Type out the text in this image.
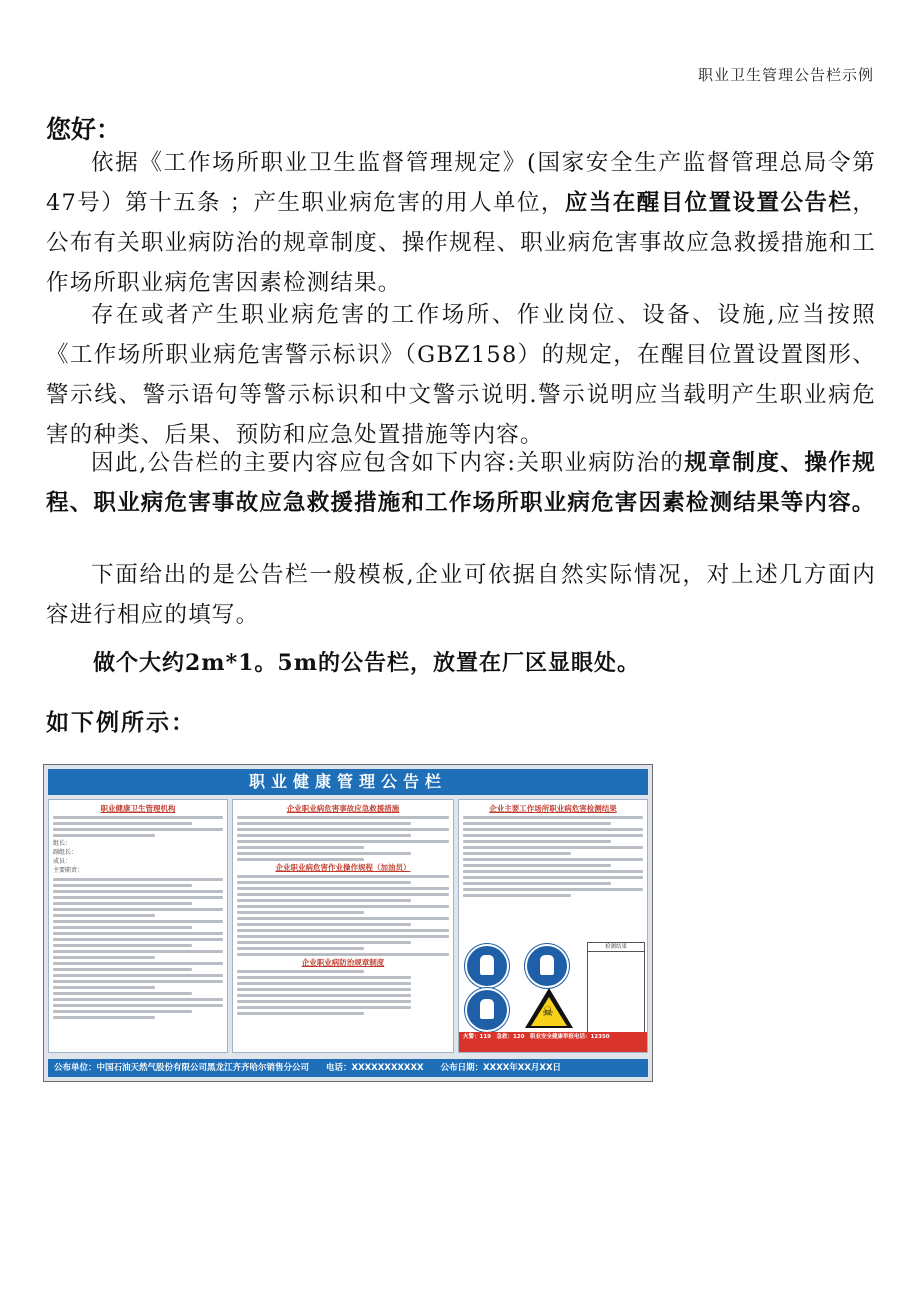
职业卫生管理公告栏示例
您好：

依据《工作场所职业卫生监督管理规定》(国家安全生产监督管理总局令第47号）第十五条 ；产生职业病危害的用人单位，应当在醒目位置设置公告栏，公布有关职业病防治的规章制度、操作规程、职业病危害事故应急救援措施和工作场所职业病危害因素检测结果。

存在或者产生职业病危害的工作场所、作业岗位、设备、设施,应当按照《工作场所职业病危害警示标识》（GBZ158）的规定，在醒目位置设置图形、警示线、警示语句等警示标识和中文警示说明.警示说明应当载明产生职业病危害的种类、后果、预防和应急处置措施等内容。

因此,公告栏的主要内容应包含如下内容:关职业病防治的规章制度、操作规程、职业病危害事故应急救援措施和工作场所职业病危害因素检测结果等内容。

下面给出的是公告栏一般模板,企业可依据自然实际情况，对上述几方面内容进行相应的填写。

做个大约2m*1。5m的公告栏，放置在厂区显眼处。
如下例所示：
职业健康管理公告栏
职业健康卫生管理机构
组长：
副组长：
成员：
主要职责：
企业职业病危害事故应急救援措施
企业职业病危害作业操作规程（加油员）
企业职业病防治规章制度
企业主要工作场所职业病危害检测结果
☠
检测结果
火警：119　急救：120　职业安全健康举报电话：12350
公布单位：中国石油天然气股份有限公司黑龙江齐齐哈尔销售分公司　　电话：XXXXXXXXXXX　　公布日期：XXXX年XX月XX日
